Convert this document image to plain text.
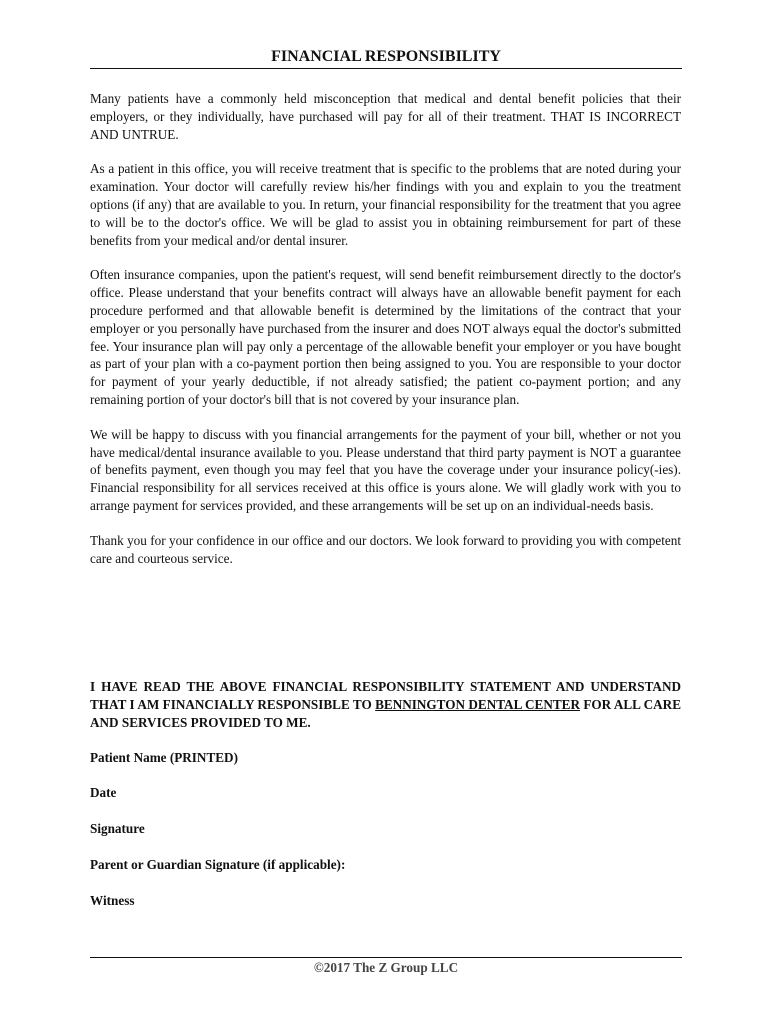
FINANCIAL RESPONSIBILITY

Many patients have a commonly held misconception that medical and dental benefit policies that their employers, or they individually, have purchased will pay for all of their treatment. THAT IS INCORRECT AND UNTRUE.

As a patient in this office, you will receive treatment that is specific to the problems that are noted during your examination. Your doctor will carefully review his/her findings with you and explain to you the treatment options (if any) that are available to you. In return, your financial responsibility for the treatment that you agree to will be to the doctor's office. We will be glad to assist you in obtaining reimbursement for part of these benefits from your medical and/or dental insurer.

Often insurance companies, upon the patient's request, will send benefit reimbursement directly to the doctor's office. Please understand that your benefits contract will always have an allowable benefit payment for each procedure performed and that allowable benefit is determined by the limitations of the contract that your employer or you personally have purchased from the insurer and does NOT always equal the doctor's submitted fee. Your insurance plan will pay only a percentage of the allowable benefit your employer or you have bought as part of your plan with a co-payment portion then being assigned to you. You are responsible to your doctor for payment of your yearly deductible, if not already satisfied; the patient co-payment portion; and any remaining portion of your doctor's bill that is not covered by your insurance plan.

We will be happy to discuss with you financial arrangements for the payment of your bill, whether or not you have medical/dental insurance available to you. Please understand that third party payment is NOT a guarantee of benefits payment, even though you may feel that you have the coverage under your insurance policy(-ies). Financial responsibility for all services received at this office is yours alone. We will gladly work with you to arrange payment for services provided, and these arrangements will be set up on an individual-needs basis.

Thank you for your confidence in our office and our doctors. We look forward to providing you with competent care and courteous service.

I HAVE READ THE ABOVE FINANCIAL RESPONSIBILITY STATEMENT AND UNDERSTAND THAT I AM FINANCIALLY RESPONSIBLE TO BENNINGTON DENTAL CENTER FOR ALL CARE AND SERVICES PROVIDED TO ME.
Patient Name (PRINTED)
Date
Signature
Parent or Guardian Signature (if applicable):
Witness
©2017 The Z Group LLC
